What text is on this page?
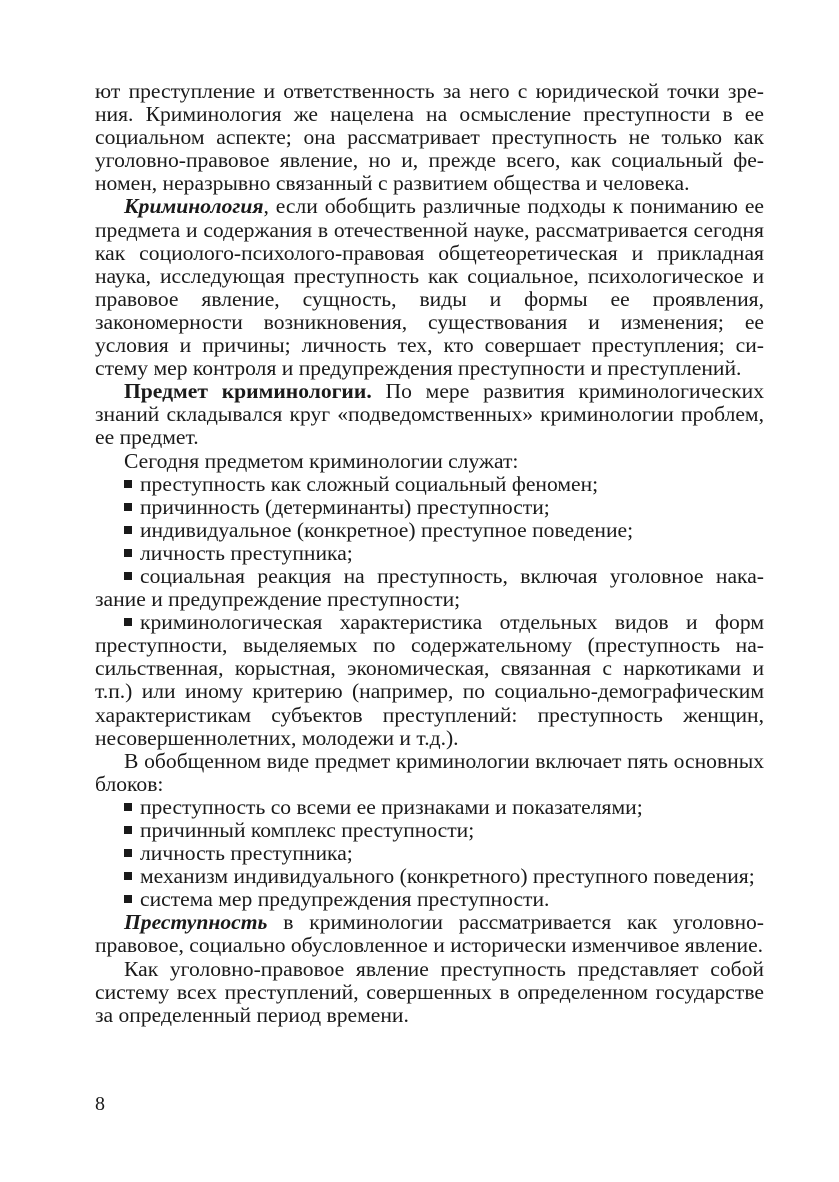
ют преступление и ответственность за него с юридической точки зрения. Криминология же нацелена на осмысление преступности в ее социальном аспекте; она рассматривает преступность не только как уголовно-правовое явление, но и, прежде всего, как социальный феномен, неразрывно связанный с развитием общества и человека.

Криминология, если обобщить различные подходы к пониманию ее предмета и содержания в отечественной науке, рассматривается сегодня как социолого-психолого-правовая общетеоретическая и прикладная наука, исследующая преступность как социальное, психологическое и правовое явление, сущность, виды и формы ее проявления, закономерности возникновения, существования и изменения; ее условия и причины; личность тех, кто совершает преступления; систему мер контроля и предупреждения преступности и преступлений.

Предмет криминологии. По мере развития криминологических знаний складывался круг «подведомственных» криминологии проблем, ее предмет.

Сегодня предметом криминологии служат:

преступность как сложный социальный феномен;

причинность (детерминанты) преступности;

индивидуальное (конкретное) преступное поведение;

личность преступника;

социальная реакция на преступность, включая уголовное наказание и предупреждение преступности;

криминологическая характеристика отдельных видов и форм преступности, выделяемых по содержательному (преступность насильственная, корыстная, экономическая, связанная с наркотиками и т.п.) или иному критерию (например, по социально-демографическим характеристикам субъектов преступлений: преступность женщин, несовершеннолетних, молодежи и т.д.).

В обобщенном виде предмет криминологии включает пять основных блоков:

преступность со всеми ее признаками и показателями;

причинный комплекс преступности;

личность преступника;

механизм индивидуального (конкретного) преступного поведения;

система мер предупреждения преступности.

Преступность в криминологии рассматривается как уголовно-правовое, социально обусловленное и исторически изменчивое явление.

Как уголовно-правовое явление преступность представляет собой систему всех преступлений, совершенных в определенном государстве за определенный период времени.

8
